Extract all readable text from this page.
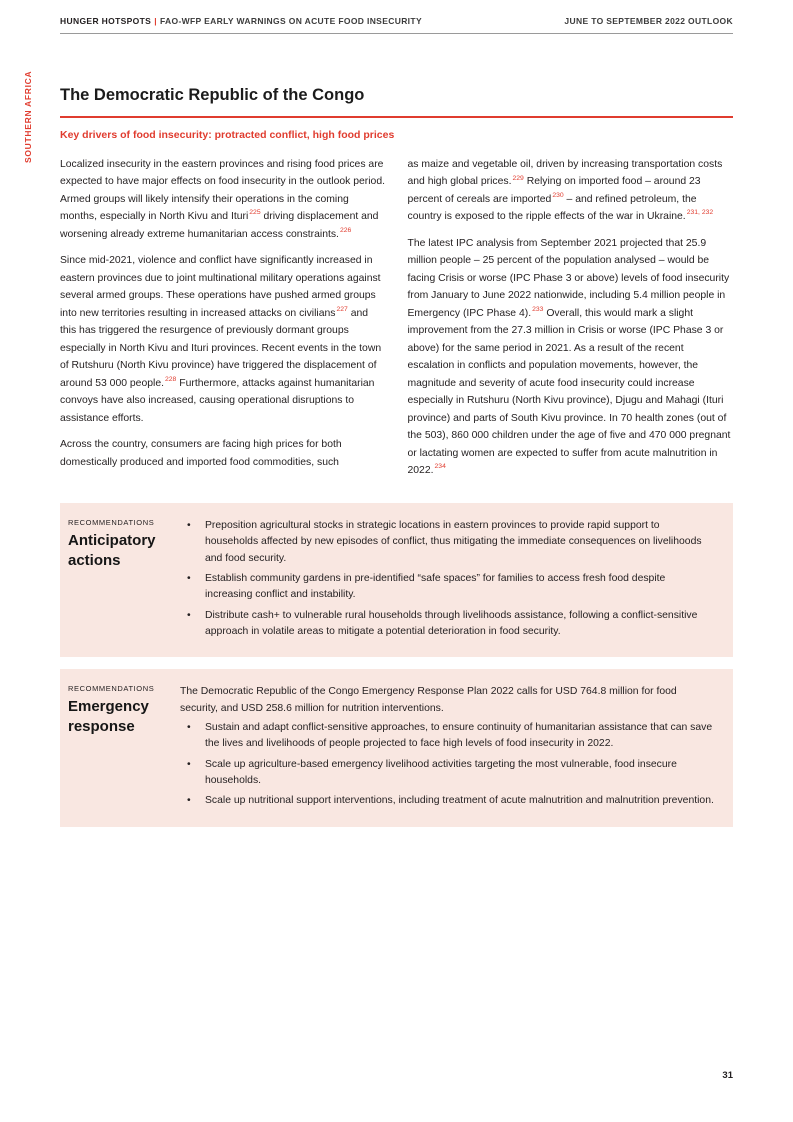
HUNGER HOTSPOTS | FAO-WFP EARLY WARNINGS ON ACUTE FOOD INSECURITY	JUNE TO SEPTEMBER 2022 OUTLOOK
SOUTHERN AFRICA The Democratic Republic of the Congo
Key drivers of food insecurity: protracted conflict, high food prices

Localized insecurity in the eastern provinces and rising food prices are expected to have major effects on food insecurity in the outlook period. Armed groups will likely intensify their operations in the coming months, especially in North Kivu and Ituri$^{225}$ driving displacement and worsening already extreme humanitarian access constraints.$^{226}$

Since mid-2021, violence and conflict have significantly increased in eastern provinces due to joint multinational military operations against several armed groups. These operations have pushed armed groups into new territories resulting in increased attacks on civilians$^{227}$ and this has triggered the resurgence of previously dormant groups especially in North Kivu and Ituri provinces. Recent events in the town of Rutshuru (North Kivu province) have triggered the displacement of around 53 000 people.$^{228}$ Furthermore, attacks against humanitarian convoys have also increased, causing operational disruptions to assistance efforts.

Across the country, consumers are facing high prices for both domestically produced and imported food commodities, such

as maize and vegetable oil, driven by increasing transportation costs and high global prices.$^{229}$ Relying on imported food – around 23 percent of cereals are imported$^{230}$ – and refined petroleum, the country is exposed to the ripple effects of the war in Ukraine.$^{231, 232}$

The latest IPC analysis from September 2021 projected that 25.9 million people – 25 percent of the population analysed – would be facing Crisis or worse (IPC Phase 3 or above) levels of food insecurity from January to June 2022 nationwide, including 5.4 million people in Emergency (IPC Phase 4).$^{233}$ Overall, this would mark a slight improvement from the 27.3 million in Crisis or worse (IPC Phase 3 or above) for the same period in 2021. As a result of the recent escalation in conflicts and population movements, however, the magnitude and severity of acute food insecurity could increase especially in Rutshuru (North Kivu province), Djugu and Mahagi (Ituri province) and parts of South Kivu province. In 70 health zones (out of the 503), 860 000 children under the age of five and 470 000 pregnant or lactating women are expected to suffer from acute malnutrition in 2022.$^{234}$

RECOMMENDATIONS
Anticipatory actions
• Preposition agricultural stocks in strategic locations in eastern provinces to provide rapid support to households affected by new episodes of conflict, thus mitigating the immediate consequences on livelihoods and food security.
• Establish community gardens in pre-identified “safe spaces” for families to access fresh food despite increasing conflict and instability.
• Distribute cash+ to vulnerable rural households through livelihoods assistance, following a conflict-sensitive approach in volatile areas to mitigate a potential deterioration in food security.
RECOMMENDATIONS
Emergency response

The Democratic Republic of the Congo Emergency Response Plan 2022 calls for USD 764.8 million for food security, and USD 258.6 million for nutrition interventions.

• Sustain and adapt conflict-sensitive approaches, to ensure continuity of humanitarian assistance that can save the lives and livelihoods of people projected to face high levels of food insecurity in 2022.
• Scale up agriculture-based emergency livelihood activities targeting the most vulnerable, food insecure households.
• Scale up nutritional support interventions, including treatment of acute malnutrition and malnutrition prevention.
31
